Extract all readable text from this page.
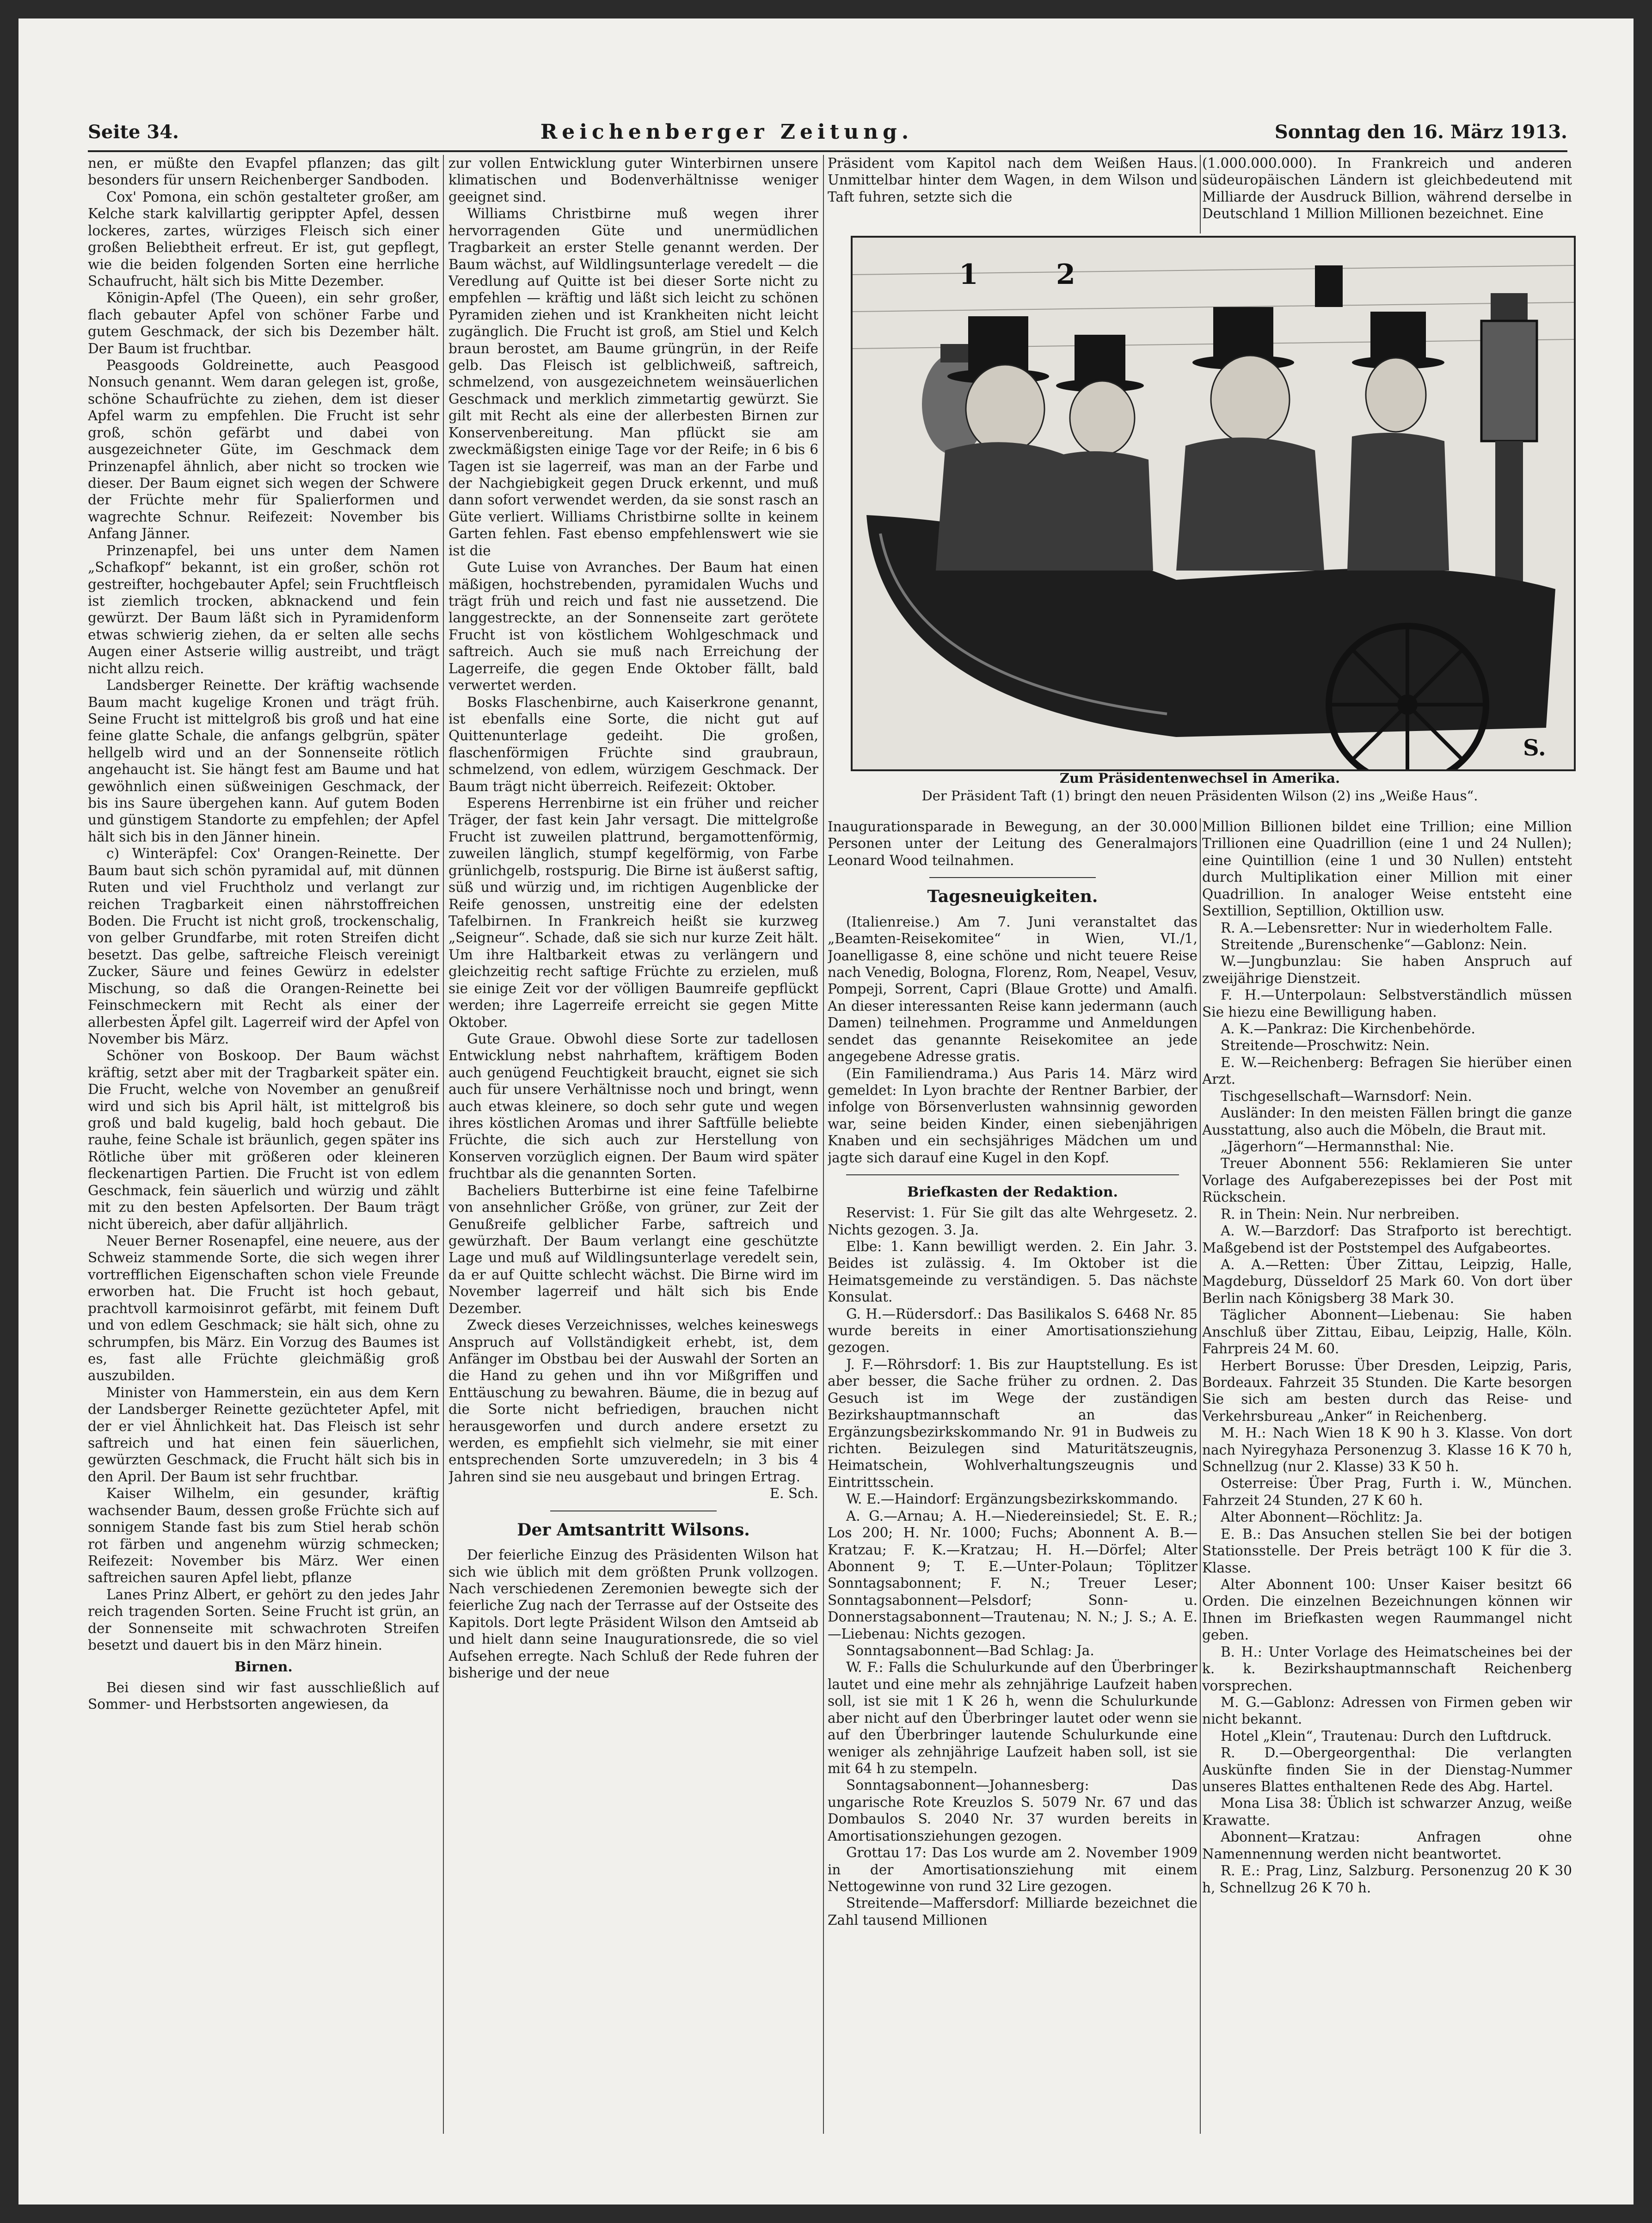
Seite 34.	Reichenberger Zeitung.	Sonntag den 16. März 1913.

nen, er müßte den Evapfel pflanzen; das gilt besonders für unsern Reichenberger Sandboden.

Cox' Pomona, ein schön gestalteter großer, am Kelche stark kalvillartig gerippter Apfel, dessen lockeres, zartes, würziges Fleisch sich einer großen Beliebtheit erfreut. Er ist, gut gepflegt, wie die beiden folgenden Sorten eine herrliche Schaufrucht, hält sich bis Mitte Dezember.

Königin-Apfel (The Queen), ein sehr großer, flach gebauter Apfel von schöner Farbe und gutem Geschmack, der sich bis Dezember hält. Der Baum ist fruchtbar.

Peasgoods Goldreinette, auch Peasgood Nonsuch genannt. Wem daran gelegen ist, große, schöne Schaufrüchte zu ziehen, dem ist dieser Apfel warm zu empfehlen. Die Frucht ist sehr groß, schön gefärbt und dabei von ausgezeichneter Güte, im Geschmack dem Prinzenapfel ähnlich, aber nicht so trocken wie dieser. Der Baum eignet sich wegen der Schwere der Früchte mehr für Spalierformen und wagrechte Schnur. Reifezeit: November bis Anfang Jänner.

Prinzenapfel, bei uns unter dem Namen „Schafkopf“ bekannt, ist ein großer, schön rot gestreifter, hochgebauter Apfel; sein Fruchtfleisch ist ziemlich trocken, abknackend und fein gewürzt. Der Baum läßt sich in Pyramidenform etwas schwierig ziehen, da er selten alle sechs Augen einer Astserie willig austreibt, und trägt nicht allzu reich.

Landsberger Reinette. Der kräftig wachsende Baum macht kugelige Kronen und trägt früh. Seine Frucht ist mittelgroß bis groß und hat eine feine glatte Schale, die anfangs gelbgrün, später hellgelb wird und an der Sonnenseite rötlich angehaucht ist. Sie hängt fest am Baume und hat gewöhnlich einen süßweinigen Geschmack, der bis ins Saure übergehen kann. Auf gutem Boden und günstigem Standorte zu empfehlen; der Apfel hält sich bis in den Jänner hinein.

c) Winteräpfel: Cox' Orangen-Reinette. Der Baum baut sich schön pyramidal auf, mit dünnen Ruten und viel Fruchtholz und verlangt zur reichen Tragbarkeit einen nährstoffreichen Boden. Die Frucht ist nicht groß, trockenschalig, von gelber Grundfarbe, mit roten Streifen dicht besetzt. Das gelbe, saftreiche Fleisch vereinigt Zucker, Säure und feines Gewürz in edelster Mischung, so daß die Orangen-Reinette bei Feinschmeckern mit Recht als einer der allerbesten Äpfel gilt. Lagerreif wird der Apfel von November bis März.

Schöner von Boskoop. Der Baum wächst kräftig, setzt aber mit der Tragbarkeit später ein. Die Frucht, welche von November an genußreif wird und sich bis April hält, ist mittelgroß bis groß und bald kugelig, bald hoch gebaut. Die rauhe, feine Schale ist bräunlich, gegen später ins Rötliche über mit größeren oder kleineren fleckenartigen Partien. Die Frucht ist von edlem Geschmack, fein säuerlich und würzig und zählt mit zu den besten Apfelsorten. Der Baum trägt nicht übereich, aber dafür alljährlich.

Neuer Berner Rosenapfel, eine neuere, aus der Schweiz stammende Sorte, die sich wegen ihrer vortrefflichen Eigenschaften schon viele Freunde erworben hat. Die Frucht ist hoch gebaut, prachtvoll karmoisinrot gefärbt, mit feinem Duft und von edlem Geschmack; sie hält sich, ohne zu schrumpfen, bis März. Ein Vorzug des Baumes ist es, fast alle Früchte gleichmäßig groß auszubilden.

Minister von Hammerstein, ein aus dem Kern der Landsberger Reinette gezüchteter Apfel, mit der er viel Ähnlichkeit hat. Das Fleisch ist sehr saftreich und hat einen fein säuerlichen, gewürzten Geschmack, die Frucht hält sich bis in den April. Der Baum ist sehr fruchtbar.

Kaiser Wilhelm, ein gesunder, kräftig wachsender Baum, dessen große Früchte sich auf sonnigem Stande fast bis zum Stiel herab schön rot färben und angenehm würzig schmecken; Reifezeit: November bis März. Wer einen saftreichen sauren Apfel liebt, pflanze

Lanes Prinz Albert, er gehört zu den jedes Jahr reich tragenden Sorten. Seine Frucht ist grün, an der Sonnenseite mit schwachroten Streifen besetzt und dauert bis in den März hinein.

Birnen.

Bei diesen sind wir fast ausschließlich auf Sommer- und Herbstsorten angewiesen, da

zur vollen Entwicklung guter Winterbirnen unsere klimatischen und Bodenverhältnisse weniger geeignet sind.

Williams Christbirne muß wegen ihrer hervorragenden Güte und unermüdlichen Tragbarkeit an erster Stelle genannt werden. Der Baum wächst, auf Wildlingsunterlage veredelt — die Veredlung auf Quitte ist bei dieser Sorte nicht zu empfehlen — kräftig und läßt sich leicht zu schönen Pyramiden ziehen und ist Krankheiten nicht leicht zugänglich. Die Frucht ist groß, am Stiel und Kelch braun berostet, am Baume grüngrün, in der Reife gelb. Das Fleisch ist gelblichweiß, saftreich, schmelzend, von ausgezeichnetem weinsäuerlichen Geschmack und merklich zimmetartig gewürzt. Sie gilt mit Recht als eine der allerbesten Birnen zur Konservenbereitung. Man pflückt sie am zweckmäßigsten einige Tage vor der Reife; in 6 bis 6 Tagen ist sie lagerreif, was man an der Farbe und der Nachgiebigkeit gegen Druck erkennt, und muß dann sofort verwendet werden, da sie sonst rasch an Güte verliert. Williams Christbirne sollte in keinem Garten fehlen. Fast ebenso empfehlenswert wie sie ist die

Gute Luise von Avranches. Der Baum hat einen mäßigen, hochstrebenden, pyramidalen Wuchs und trägt früh und reich und fast nie aussetzend. Die langgestreckte, an der Sonnenseite zart gerötete Frucht ist von köstlichem Wohlgeschmack und saftreich. Auch sie muß nach Erreichung der Lagerreife, die gegen Ende Oktober fällt, bald verwertet werden.

Bosks Flaschenbirne, auch Kaiserkrone genannt, ist ebenfalls eine Sorte, die nicht gut auf Quittenunterlage gedeiht. Die großen, flaschenförmigen Früchte sind graubraun, schmelzend, von edlem, würzigem Geschmack. Der Baum trägt nicht überreich. Reifezeit: Oktober.

Esperens Herrenbirne ist ein früher und reicher Träger, der fast kein Jahr versagt. Die mittelgroße Frucht ist zuweilen plattrund, bergamottenförmig, zuweilen länglich, stumpf kegelförmig, von Farbe grünlichgelb, rostspurig. Die Birne ist äußerst saftig, süß und würzig und, im richtigen Augenblicke der Reife genossen, unstreitig eine der edelsten Tafelbirnen. In Frankreich heißt sie kurzweg „Seigneur“. Schade, daß sie sich nur kurze Zeit hält. Um ihre Haltbarkeit etwas zu verlängern und gleichzeitig recht saftige Früchte zu erzielen, muß sie einige Zeit vor der völligen Baumreife gepflückt werden; ihre Lagerreife erreicht sie gegen Mitte Oktober.

Gute Graue. Obwohl diese Sorte zur tadellosen Entwicklung nebst nahrhaftem, kräftigem Boden auch genügend Feuchtigkeit braucht, eignet sie sich auch für unsere Verhältnisse noch und bringt, wenn auch etwas kleinere, so doch sehr gute und wegen ihres köstlichen Aromas und ihrer Saftfülle beliebte Früchte, die sich auch zur Herstellung von Konserven vorzüglich eignen. Der Baum wird später fruchtbar als die genannten Sorten.

Bacheliers Butterbirne ist eine feine Tafelbirne von ansehnlicher Größe, von grüner, zur Zeit der Genußreife gelblicher Farbe, saftreich und gewürzhaft. Der Baum verlangt eine geschützte Lage und muß auf Wildlingsunterlage veredelt sein, da er auf Quitte schlecht wächst. Die Birne wird im November lagerreif und hält sich bis Ende Dezember.

Zweck dieses Verzeichnisses, welches keineswegs Anspruch auf Vollständigkeit erhebt, ist, dem Anfänger im Obstbau bei der Auswahl der Sorten an die Hand zu gehen und ihn vor Mißgriffen und Enttäuschung zu bewahren. Bäume, die in bezug auf die Sorte nicht befriedigen, brauchen nicht herausgeworfen und durch andere ersetzt zu werden, es empfiehlt sich vielmehr, sie mit einer entsprechenden Sorte umzuveredeln; in 3 bis 4 Jahren sind sie neu ausgebaut und bringen Ertrag.

E. Sch.

Der Amtsantritt Wilsons.

Der feierliche Einzug des Präsidenten Wilson hat sich wie üblich mit dem größten Prunk vollzogen. Nach verschiedenen Zeremonien bewegte sich der feierliche Zug nach der Terrasse auf der Ostseite des Kapitols. Dort legte Präsident Wilson den Amtseid ab und hielt dann seine Inaugurationsrede, die so viel Aufsehen erregte. Nach Schluß der Rede fuhren der bisherige und der neue

Präsident vom Kapitol nach dem Weißen Haus. Unmittelbar hinter dem Wagen, in dem Wilson und Taft fuhren, setzte sich die

(1.000.000.000). In Frankreich und anderen südeuropäischen Ländern ist gleichbedeutend mit Milliarde der Ausdruck Billion, während derselbe in Deutschland 1 Million Millionen bezeichnet. Eine

1	2
S.
Zum Präsidentenwechsel in Amerika.
Der Präsident Taft (1) bringt den neuen Präsidenten Wilson (2) ins „Weiße Haus“.

Inaugurationsparade in Bewegung, an der 30.000 Personen unter der Leitung des Generalmajors Leonard Wood teilnahmen.

Tagesneuigkeiten.

(Italienreise.) Am 7. Juni veranstaltet das „Beamten-Reisekomitee“ in Wien, VI./1, Joanelligasse 8, eine schöne und nicht teuere Reise nach Venedig, Bologna, Florenz, Rom, Neapel, Vesuv, Pompeji, Sorrent, Capri (Blaue Grotte) und Amalfi. An dieser interessanten Reise kann jedermann (auch Damen) teilnehmen. Programme und Anmeldungen sendet das genannte Reisekomitee an jede angegebene Adresse gratis.

(Ein Familiendrama.) Aus Paris 14. März wird gemeldet: In Lyon brachte der Rentner Barbier, der infolge von Börsenverlusten wahnsinnig geworden war, seine beiden Kinder, einen siebenjährigen Knaben und ein sechsjähriges Mädchen um und jagte sich darauf eine Kugel in den Kopf.

Briefkasten der Redaktion.

Reservist: 1. Für Sie gilt das alte Wehrgesetz. 2. Nichts gezogen. 3. Ja.

Elbe: 1. Kann bewilligt werden. 2. Ein Jahr. 3. Beides ist zulässig. 4. Im Oktober ist die Heimatsgemeinde zu verständigen. 5. Das nächste Konsulat.

G. H.—Rüdersdorf.: Das Basilikalos S. 6468 Nr. 85 wurde bereits in einer Amortisationsziehung gezogen.

J. F.—Röhrsdorf: 1. Bis zur Hauptstellung. Es ist aber besser, die Sache früher zu ordnen. 2. Das Gesuch ist im Wege der zuständigen Bezirkshauptmannschaft an das Ergänzungsbezirkskommando Nr. 91 in Budweis zu richten. Beizulegen sind Maturitätszeugnis, Heimatschein, Wohlverhaltungszeugnis und Eintrittsschein.

W. E.—Haindorf: Ergänzungsbezirkskommando.

A. G.—Arnau; A. H.—Niedereinsiedel; St. E. R.; Los 200; H. Nr. 1000; Fuchs; Abonnent A. B.—Kratzau; F. K.—Kratzau; H. H.—Dörfel; Alter Abonnent 9; T. E.—Unter-Polaun; Töplitzer Sonntagsabonnent; F. N.; Treuer Leser; Sonntagsabonnent—Pelsdorf; Sonn- u. Donnerstagsabonnent—Trautenau; N. N.; J. S.; A. E.—Liebenau: Nichts gezogen.

Sonntagsabonnent—Bad Schlag: Ja.

W. F.: Falls die Schulurkunde auf den Überbringer lautet und eine mehr als zehnjährige Laufzeit haben soll, ist sie mit 1 K 26 h, wenn die Schulurkunde aber nicht auf den Überbringer lautet oder wenn sie auf den Überbringer lautende Schulurkunde eine weniger als zehnjährige Laufzeit haben soll, ist sie mit 64 h zu stempeln.

Sonntagsabonnent—Johannesberg: Das ungarische Rote Kreuzlos S. 5079 Nr. 67 und das Dombaulos S. 2040 Nr. 37 wurden bereits in Amortisationsziehungen gezogen.

Grottau 17: Das Los wurde am 2. November 1909 in der Amortisationsziehung mit einem Nettogewinne von rund 32 Lire gezogen.

Streitende—Maffersdorf: Milliarde bezeichnet die Zahl tausend Millionen

Million Billionen bildet eine Trillion; eine Million Trillionen eine Quadrillion (eine 1 und 24 Nullen); eine Quintillion (eine 1 und 30 Nullen) entsteht durch Multiplikation einer Million mit einer Quadrillion. In analoger Weise entsteht eine Sextillion, Septillion, Oktillion usw.

R. A.—Lebensretter: Nur in wiederholtem Falle.

Streitende „Burenschenke“—Gablonz: Nein.

W.—Jungbunzlau: Sie haben Anspruch auf zweijährige Dienstzeit.

F. H.—Unterpolaun: Selbstverständlich müssen Sie hiezu eine Bewilligung haben.

A. K.—Pankraz: Die Kirchenbehörde.

Streitende—Proschwitz: Nein.

E. W.—Reichenberg: Befragen Sie hierüber einen Arzt.

Tischgesellschaft—Warnsdorf: Nein.

Ausländer: In den meisten Fällen bringt die ganze Ausstattung, also auch die Möbeln, die Braut mit.

„Jägerhorn“—Hermannsthal: Nie.

Treuer Abonnent 556: Reklamieren Sie unter Vorlage des Aufgaberezepisses bei der Post mit Rückschein.

R. in Thein: Nein. Nur nerbreiben.

A. W.—Barzdorf: Das Strafporto ist berechtigt. Maßgebend ist der Poststempel des Aufgabeortes.

A. A.—Retten: Über Zittau, Leipzig, Halle, Magdeburg, Düsseldorf 25 Mark 60. Von dort über Berlin nach Königsberg 38 Mark 30.

Täglicher Abonnent—Liebenau: Sie haben Anschluß über Zittau, Eibau, Leipzig, Halle, Köln. Fahrpreis 24 M. 60.

Herbert Borusse: Über Dresden, Leipzig, Paris, Bordeaux. Fahrzeit 35 Stunden. Die Karte besorgen Sie sich am besten durch das Reise- und Verkehrsbureau „Anker“ in Reichenberg.

M. H.: Nach Wien 18 K 90 h 3. Klasse. Von dort nach Nyiregyhaza Personenzug 3. Klasse 16 K 70 h, Schnellzug (nur 2. Klasse) 33 K 50 h.

Osterreise: Über Prag, Furth i. W., München. Fahrzeit 24 Stunden, 27 K 60 h.

Alter Abonnent—Röchlitz: Ja.

E. B.: Das Ansuchen stellen Sie bei der botigen Stationsstelle. Der Preis beträgt 100 K für die 3. Klasse.

Alter Abonnent 100: Unser Kaiser besitzt 66 Orden. Die einzelnen Bezeichnungen können wir Ihnen im Briefkasten wegen Raummangel nicht geben.

B. H.: Unter Vorlage des Heimatscheines bei der k. k. Bezirkshauptmannschaft Reichenberg vorsprechen.

M. G.—Gablonz: Adressen von Firmen geben wir nicht bekannt.

Hotel „Klein“, Trautenau: Durch den Luftdruck.

R. D.—Obergeorgenthal: Die verlangten Auskünfte finden Sie in der Dienstag-Nummer unseres Blattes enthaltenen Rede des Abg. Hartel.

Mona Lisa 38: Üblich ist schwarzer Anzug, weiße Krawatte.

Abonnent—Kratzau: Anfragen ohne Namennennung werden nicht beantwortet.

R. E.: Prag, Linz, Salzburg. Personenzug 20 K 30 h, Schnellzug 26 K 70 h.
